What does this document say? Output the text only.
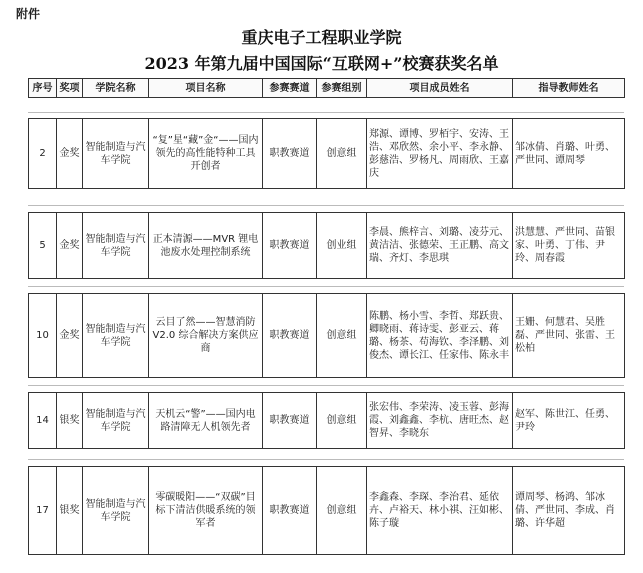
附件
重庆电子工程职业学院
2023 年第九届中国国际“互联网+”校赛获奖名单
序号	奖项	学院名称	项目名称	参赛赛道	参赛组别	项目成员姓名	指导教师姓名
2	金奖	智能制造与汽车学院	“复”星“藏”金“——国内领先的高性能特种工具开创者	职教赛道	创意组	郑源、谭博、罗栢宇、安涛、王浩、邓欣然、余小平、李永静、彭慈浩、罗杨凡、周雨欣、王嘉庆	邹冰倩、肖璐、叶勇、严世同、谭周琴
5	金奖	智能制造与汽车学院	正本清源——MVR 锂电池废水处理控制系统	职教赛道	创业组	李晨、熊梓言、刘璐、凌芬元、黄洁洁、张德荣、王正鹏、高文瑞、齐灯、李思琪	洪慧慧、严世同、苗银家、叶勇、丁伟、尹玲、周春霞
10	金奖	智能制造与汽车学院	云目了然——智慧消防 V2.0 综合解决方案供应商	职教赛道	创意组	陈鹏、杨小雪、李哲、郑跃贵、卿晓雨、蒋诗雯、彭亚云、蒋璐、杨茶、苟海钦、李泽鹏、刘俊杰、谭长江、任家伟、陈永丰	王姗、何慧君、吴胜磊、严世同、张雷、王松柏
14	银奖	智能制造与汽车学院	天机云“警”——国内电路清障无人机领先者	职教赛道	创意组	张宏伟、李荣涛、凌玉蓉、彭海霞、刘鑫鑫、李杭、唐旺杰、赵智昇、李晓东	赵军、陈世江、任勇、尹玲
17	银奖	智能制造与汽车学院	零碳暖阳——“双碳”目标下清洁供暖系统的领军者	职教赛道	创意组	李鑫森、李琛、李治君、延依卉、卢裕天、林小祺、汪如彬、陈子璇	谭周琴、杨鸿、邹冰倩、严世同、李成、肖璐、许华超
